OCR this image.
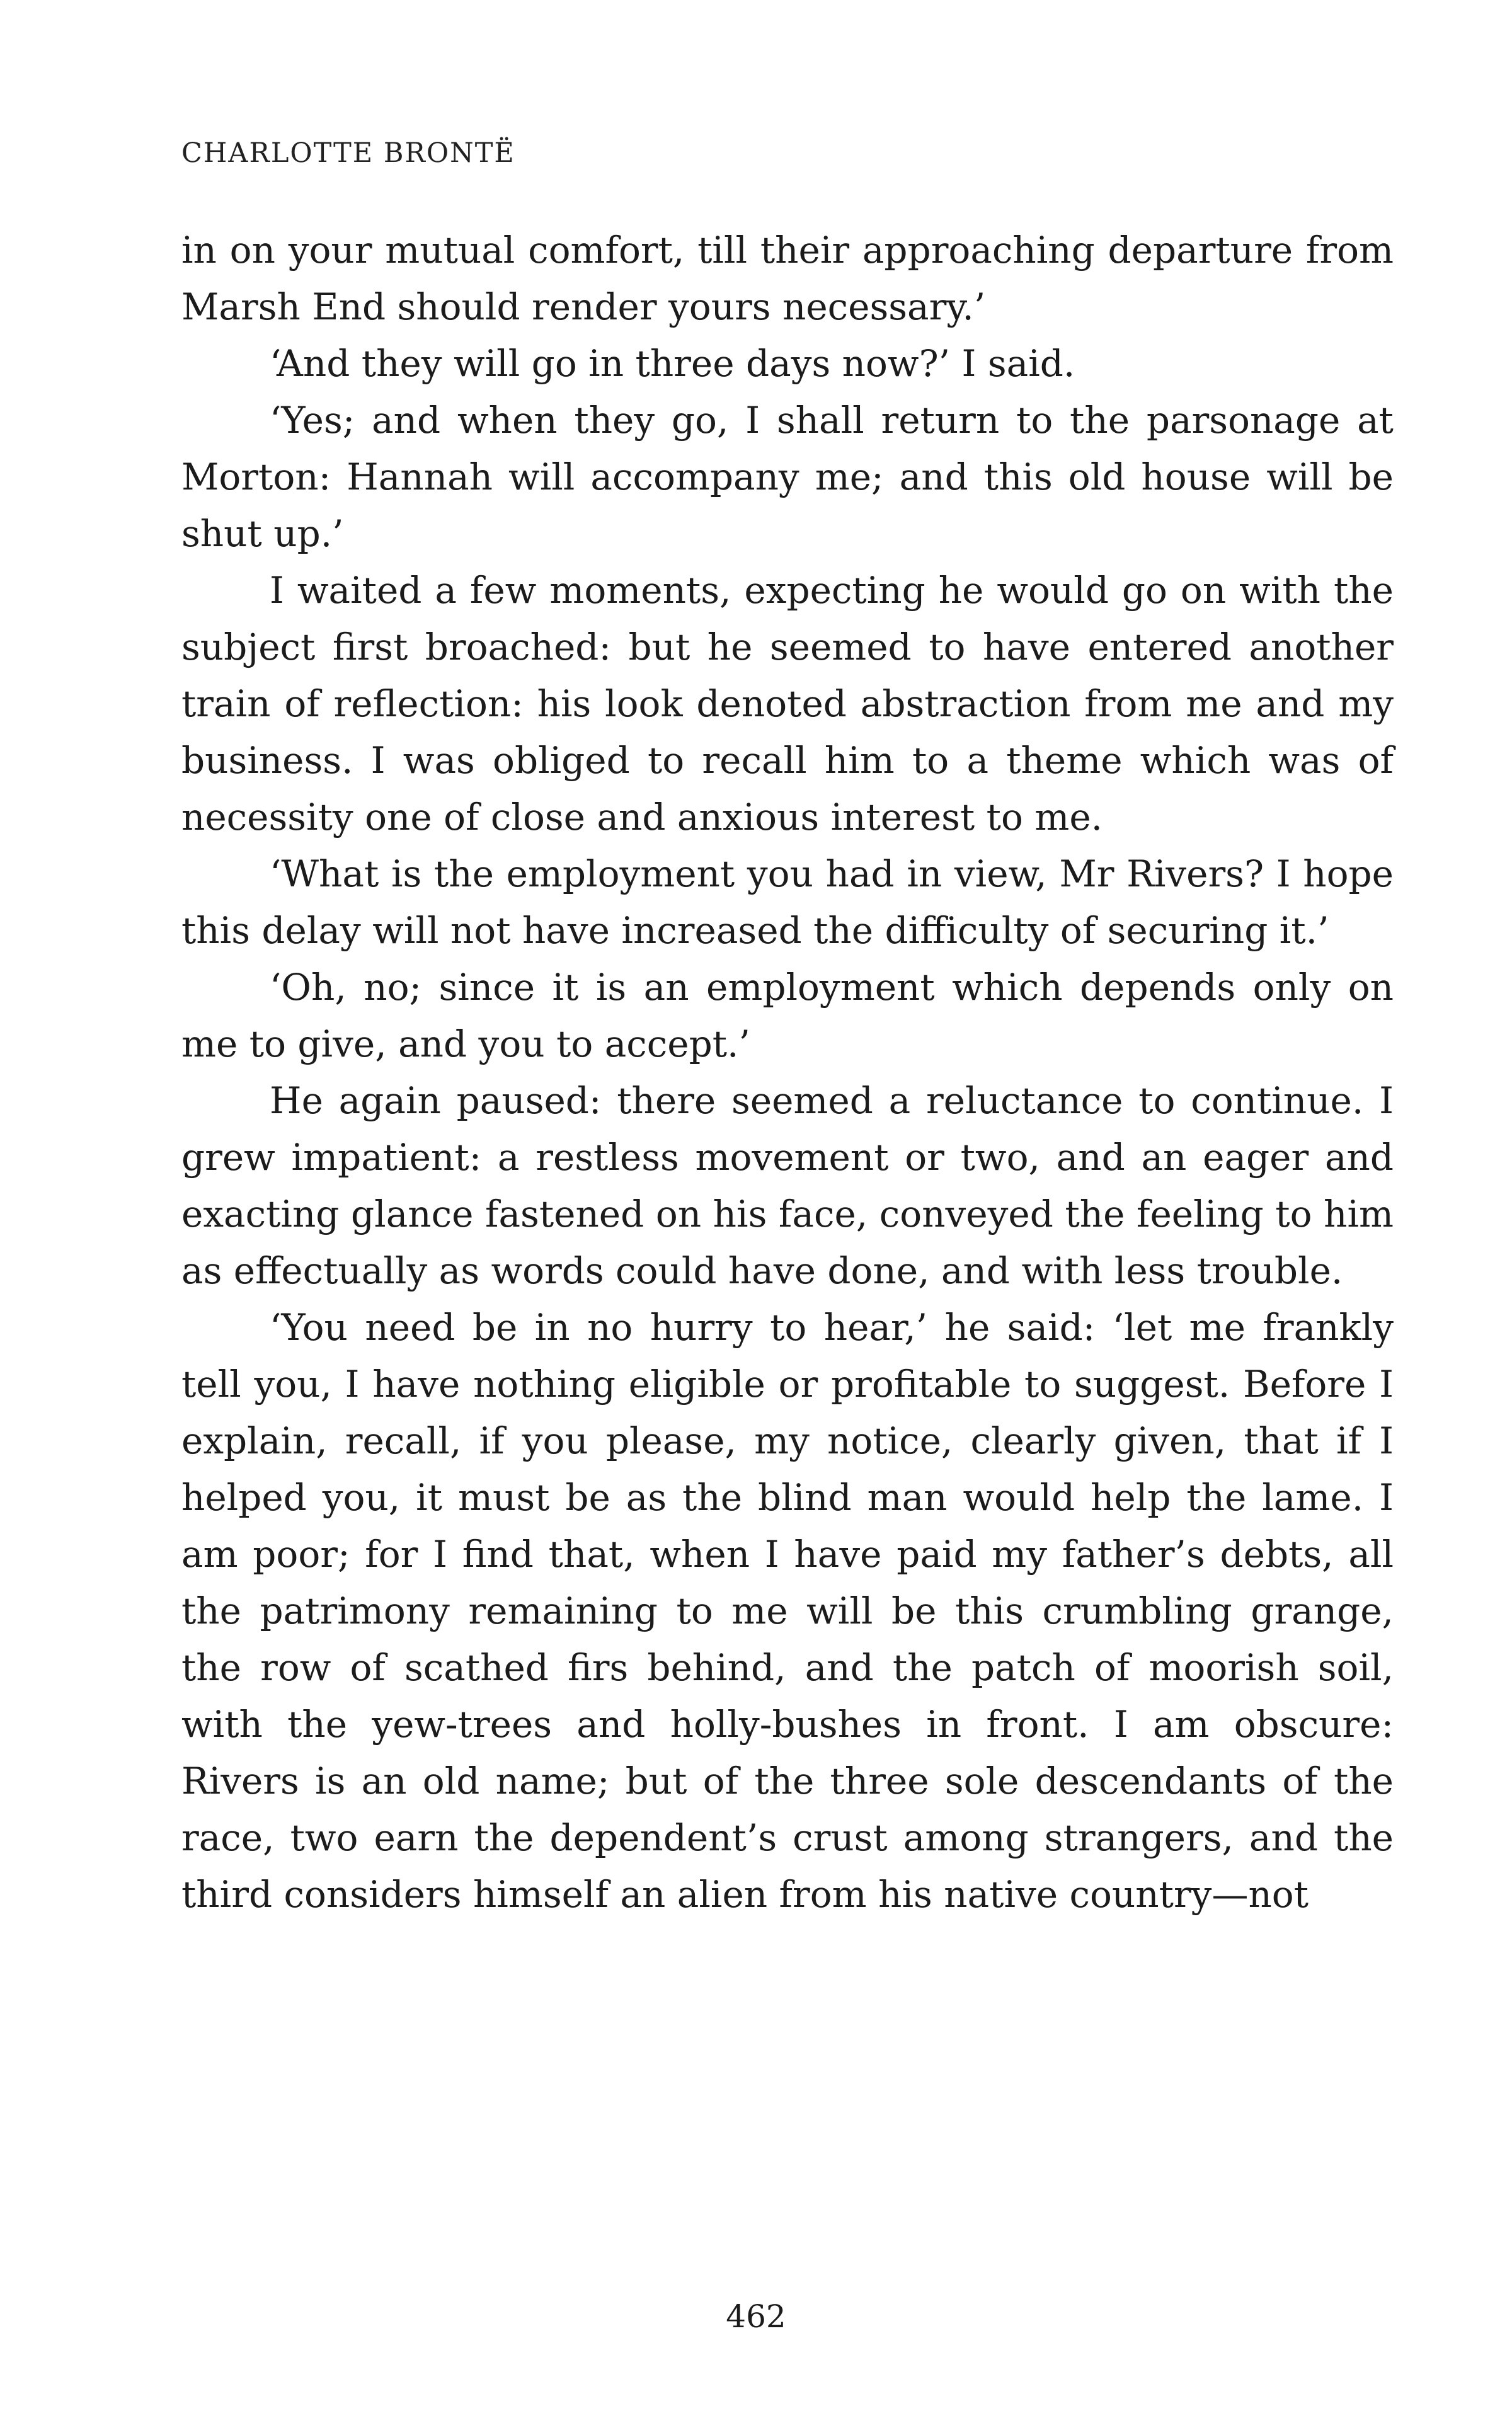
CHARLOTTE BRONTË

in on your mutual comfort, till their approaching departure from Marsh End should render yours necessary.’

‘And they will go in three days now?’ I said.

‘Yes; and when they go, I shall return to the parsonage at Morton: Hannah will accompany me; and this old house will be shut up.’

I waited a few moments, expecting he would go on with the subject first broached: but he seemed to have entered another train of reflection: his look denoted abstraction from me and my business. I was obliged to recall him to a theme which was of necessity one of close and anxious interest to me.

‘What is the employment you had in view, Mr Rivers? I hope this delay will not have increased the difficulty of securing it.’

‘Oh, no; since it is an employment which depends only on me to give, and you to accept.’

He again paused: there seemed a reluctance to continue. I grew impatient: a restless movement or two, and an eager and exacting glance fastened on his face, conveyed the feeling to him as effectually as words could have done, and with less trouble.

‘You need be in no hurry to hear,’ he said: ‘let me frankly tell you, I have nothing eligible or profitable to suggest. Before I explain, recall, if you please, my notice, clearly given, that if I helped you, it must be as the blind man would help the lame. I am poor; for I find that, when I have paid my father’s debts, all the patrimony remaining to me will be this crumbling grange, the row of scathed firs behind, and the patch of moorish soil, with the yew-trees and holly-bushes in front. I am obscure: Rivers is an old name; but of the three sole descendants of the race, two earn the dependent’s crust among strangers, and the third considers himself an alien from his native country—not

462
